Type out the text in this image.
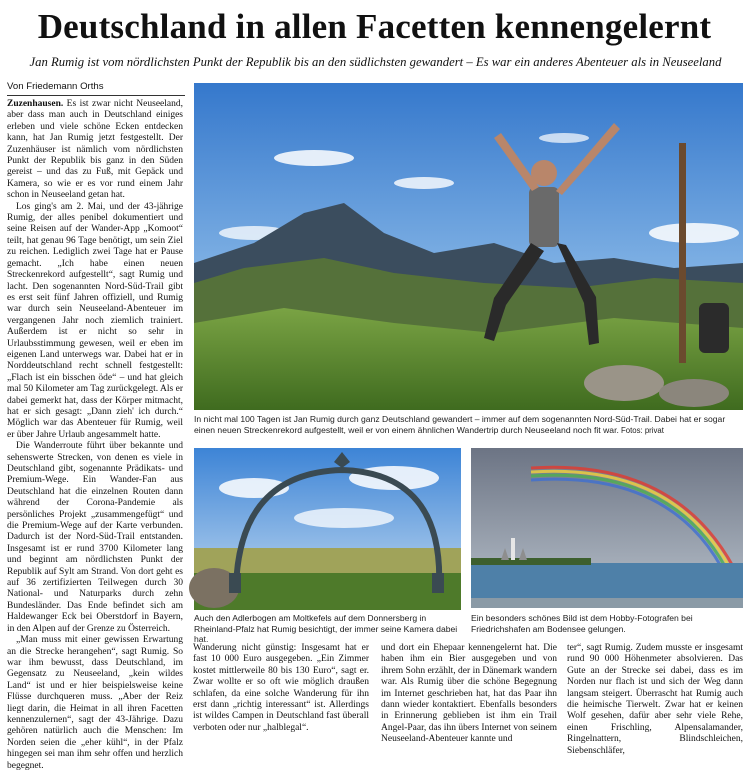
Deutschland in allen Facetten kennengelernt

Jan Rumig ist vom nördlichsten Punkt der Republik bis an den südlichsten gewandert – Es war ein anderes Abenteuer als in Neuseeland

Von Friedemann Orths

Zuzenhausen. Es ist zwar nicht Neuseeland, aber dass man auch in Deutschland einiges erleben und viele schöne Ecken entdecken kann, hat Jan Rumig jetzt festgestellt. Der Zuzenhäuser ist nämlich vom nördlichsten Punkt der Republik bis ganz in den Süden gereist – und das zu Fuß, mit Gepäck und Kamera, so wie er es vor rund einem Jahr schon in Neuseeland getan hat.

Los ging's am 2. Mai, und der 43-jährige Rumig, der alles penibel dokumentiert und seine Reisen auf der Wander-App „Komoot“ teilt, hat genau 96 Tage benötigt, um sein Ziel zu reichen. Lediglich zwei Tage hat er Pause gemacht. „Ich habe einen neuen Streckenrekord aufgestellt“, sagt Rumig und lacht. Den sogenannten Nord-Süd-Trail gibt es erst seit fünf Jahren offiziell, und Rumig war durch sein Neuseeland-Abenteuer im vergangenen Jahr noch ziemlich trainiert. Außerdem ist er nicht so sehr in Urlaubsstimmung gewesen, weil er eben im eigenen Land unterwegs war. Dabei hat er in Norddeutschland recht schnell festgestellt: „Flach ist ein bisschen öde“ – und hat gleich mal 50 Kilometer am Tag zurückgelegt. Als er dabei gemerkt hat, dass der Körper mitmacht, hat er sich gesagt: „Dann zieh' ich durch.“ Möglich war das Abenteuer für Rumig, weil er über Jahre Urlaub angesammelt hatte.

Die Wanderroute führt über bekannte und sehenswerte Strecken, von denen es viele in Deutschland gibt, sogenannte Prädikats- und Premium-Wege. Ein Wander-Fan aus Deutschland hat die einzelnen Routen dann während der Corona-Pandemie als persönliches Projekt „zusammengefügt“ und die Premium-Wege auf der Karte verbunden. Dadurch ist der Nord-Süd-Trail entstanden. Insgesamt ist er rund 3700 Kilometer lang und beginnt am nördlichsten Punkt der Republik auf Sylt am Strand. Von dort geht es auf 36 zertifizierten Teilwegen durch 30 National- und Naturparks durch zehn Bundesländer. Das Ende befindet sich am Haldewanger Eck bei Oberstdorf in Bayern, in den Alpen auf der Grenze zu Österreich.

„Man muss mit einer gewissen Erwartung an die Strecke herangehen“, sagt Rumig. So war ihm bewusst, dass Deutschland, im Gegensatz zu Neuseeland, „kein wildes Land“ ist und er hier beispielsweise keine Flüsse durchqueren muss. „Aber der Reiz liegt darin, die Heimat in all ihren Facetten kennenzulernen“, sagt der 43-Jährige. Dazu gehören natürlich auch die Menschen: Im Norden seien die „eher kühl“, in der Pfalz hingegen sei man ihm sehr offen und herzlich begegnet.

In nicht mal 100 Tagen ist Jan Rumig durch ganz Deutschland gewandert – immer auf dem sogenannten Nord-Süd-Trail. Dabei hat er sogar einen neuen Streckenrekord aufgestellt, weil er von einem ähnlichen Wandertrip durch Neuseeland noch fit war. Fotos: privat
Auch den Adlerbogen am Moltkefels auf dem Donnersberg in Rheinland-Pfalz hat Rumig besichtigt, der immer seine Kamera dabei hat.
Ein besonders schönes Bild ist dem Hobby-Fotografen bei Friedrichshafen am Bodensee gelungen.

Wanderung nicht günstig: Insgesamt hat er fast 10 000 Euro ausgegeben. „Ein Zimmer kostet mittlerweile 80 bis 130 Euro“, sagt er. Zwar wollte er so oft wie möglich draußen schlafen, da eine solche Wanderung für ihn erst dann „richtig interessant“ ist. Allerdings ist wildes Campen in Deutschland fast überall verboten oder nur „halblegal“.

und dort ein Ehepaar kennengelernt hat. Die haben ihm ein Bier ausgegeben und von ihrem Sohn erzählt, der in Dänemark wandern war. Als Rumig über die schöne Begegnung im Internet geschrieben hat, hat das Paar ihn dann wieder kontaktiert. Ebenfalls besonders in Erinnerung geblieben ist ihm ein Trail Angel-Paar, das ihn übers Internet von seinem Neuseeland-Abenteuer kannte und

ter“, sagt Rumig. Zudem musste er insgesamt rund 90 000 Höhenmeter absolvieren. Das Gute an der Strecke sei dabei, dass es im Norden nur flach ist und sich der Weg dann langsam steigert. Überrascht hat Rumig auch die heimische Tierwelt. Zwar hat er keinen Wolf gesehen, dafür aber sehr viele Rehe, einen Frischling, Alpensalamander, Ringelnattern, Blindschleichen, Siebenschläfer,
